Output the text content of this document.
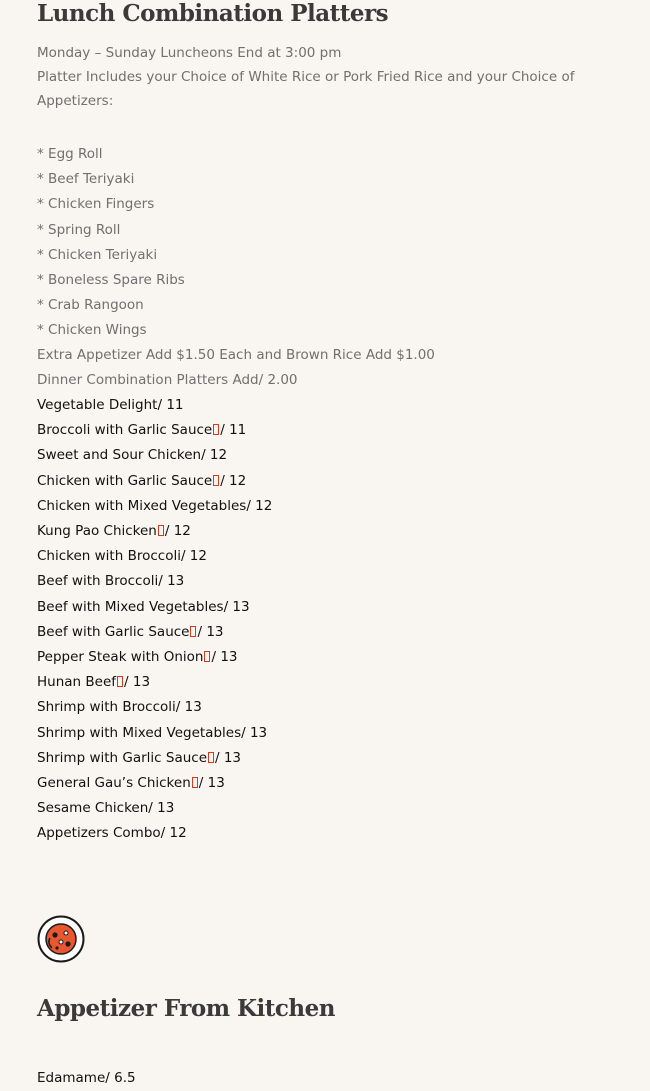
Lunch Combination Platters

Monday – Sunday Luncheons End at 3:00 pm

Platter Includes your Choice of White Rice or Pork Fried Rice and your Choice of Appetizers:

* Egg Roll
* Beef Teriyaki
* Chicken Fingers
* Spring Roll
* Chicken Teriyaki
* Boneless Spare Ribs
* Crab Rangoon
* Chicken Wings
Extra Appetizer Add $1.50 Each and Brown Rice Add $1.00
Dinner Combination Platters Add/ 2.00
Vegetable Delight/ 11
Broccoli with Garlic Sauce / 11
Sweet and Sour Chicken/ 12
Chicken with Garlic Sauce / 12
Chicken with Mixed Vegetables/ 12
Kung Pao Chicken / 12
Chicken with Broccoli/ 12
Beef with Broccoli/ 13
Beef with Mixed Vegetables/ 13
Beef with Garlic Sauce / 13
Pepper Steak with Onion / 13
Hunan Beef / 13
Shrimp with Broccoli/ 13
Shrimp with Mixed Vegetables/ 13
Shrimp with Garlic Sauce / 13
General Gau’s Chicken / 13
Sesame Chicken/ 13
Appetizers Combo/ 12
Appetizer From Kitchen
Edamame/ 6.5
